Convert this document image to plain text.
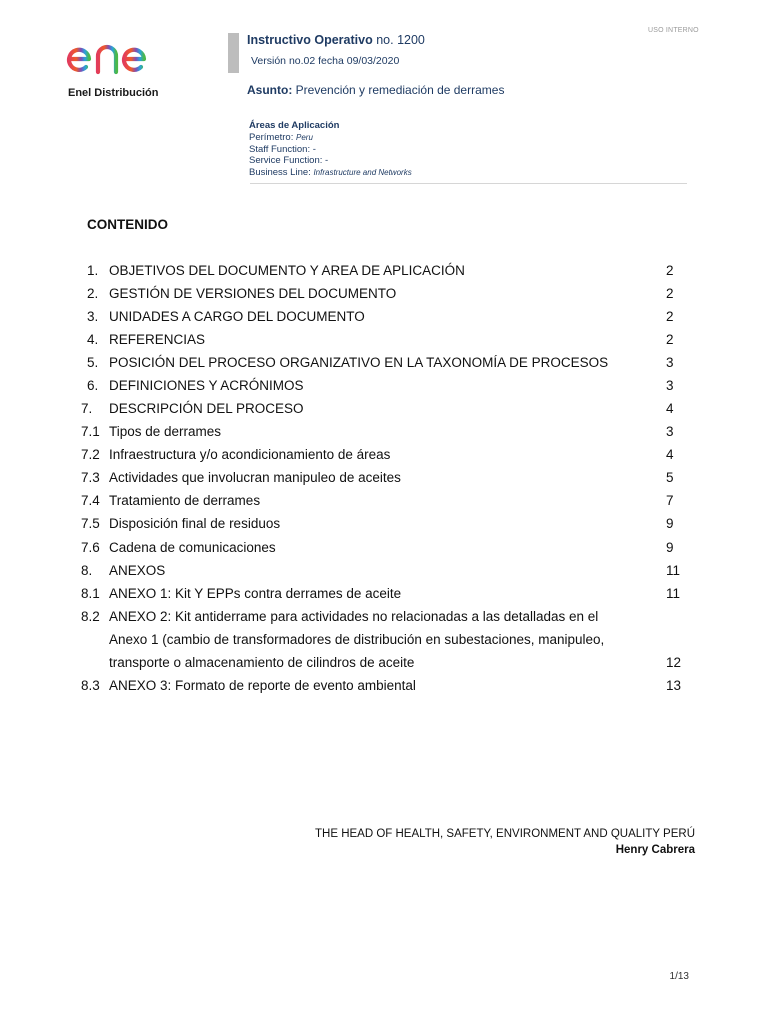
USO INTERNO
Enel Distribución
Instructivo Operativo no. 1200
Versión no.02 fecha 09/03/2020
Asunto: Prevención y remediación de derrames
Áreas de Aplicación
Perímetro: Peru
Staff Function: -
Service Function: -
Business Line: Infrastructure and Networks
CONTENIDO
1. OBJETIVOS DEL DOCUMENTO Y AREA DE APLICACIÓN	2
2. GESTIÓN DE VERSIONES DEL DOCUMENTO	2
3. UNIDADES A CARGO DEL DOCUMENTO	2
4. REFERENCIAS	2
5. POSICIÓN DEL PROCESO ORGANIZATIVO EN LA TAXONOMÍA DE PROCESOS	3
6. DEFINICIONES Y ACRÓNIMOS	3
7. DESCRIPCIÓN DEL PROCESO	4
7.1 Tipos de derrames	3
7.2 Infraestructura y/o acondicionamiento de áreas	4
7.3 Actividades que involucran manipuleo de aceites	5
7.4 Tratamiento de derrames	7
7.5 Disposición final de residuos	9
7.6 Cadena de comunicaciones	9
8. ANEXOS	11
8.1 ANEXO 1: Kit Y EPPs contra derrames de aceite	11
8.2 ANEXO 2: Kit antiderrame para actividades no relacionadas a las detalladas en el
Anexo 1 (cambio de transformadores de distribución en subestaciones, manipuleo,
transporte o almacenamiento de cilindros de aceite	12
8.3 ANEXO 3: Formato de reporte de evento ambiental	13
THE HEAD OF HEALTH, SAFETY, ENVIRONMENT AND QUALITY PERÚ
Henry Cabrera
1/13
